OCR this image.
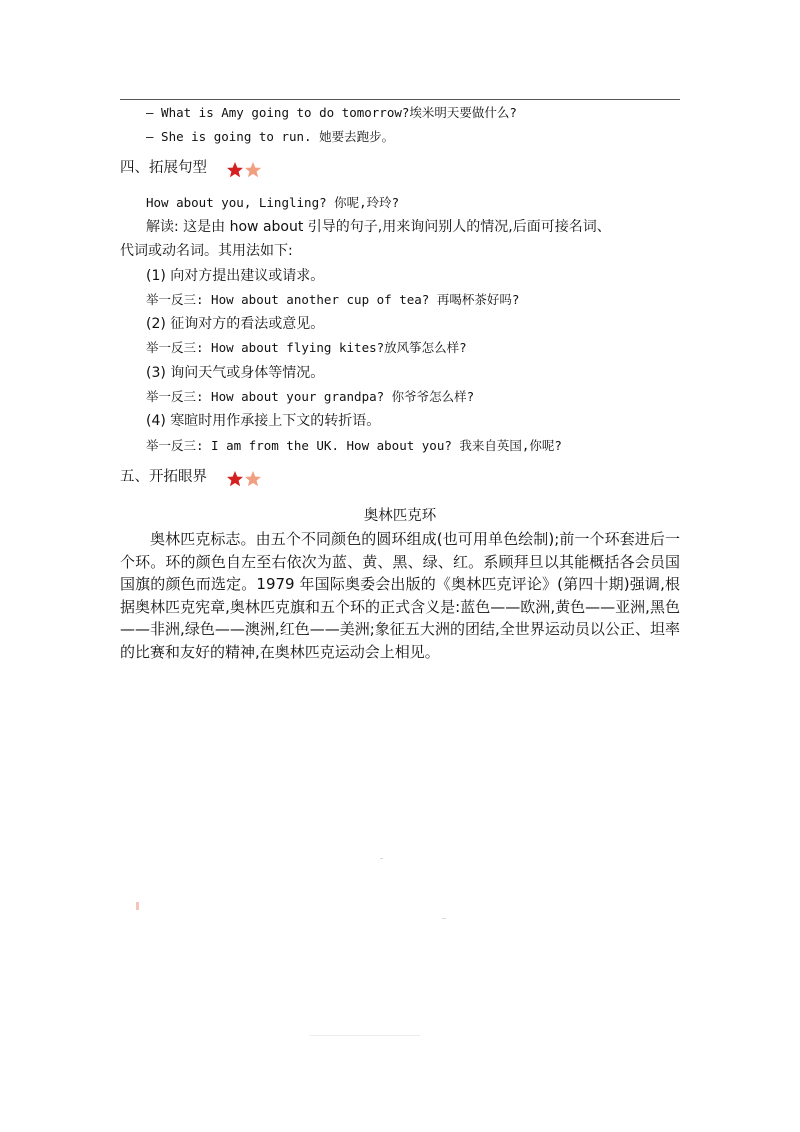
— What is Amy going to do tomorrow?埃米明天要做什么?
— She is going to run. 她要去跑步。
四、拓展句型
How about you, Lingling? 你呢,玲玲?
解读: 这是由 how about 引导的句子,用来询问别人的情况,后面可接名词、
代词或动名词。其用法如下:
(1) 向对方提出建议或请求。
举一反三: How about another cup of tea? 再喝杯茶好吗?
(2) 征询对方的看法或意见。
举一反三: How about flying kites?放风筝怎么样?
(3) 询问天气或身体等情况。
举一反三: How about your grandpa? 你爷爷怎么样?
(4) 寒暄时用作承接上下文的转折语。
举一反三: I am from the UK. How about you? 我来自英国,你呢?
五、开拓眼界
奥林匹克环
奥林匹克标志。由五个不同颜色的圆环组成(也可用单色绘制);前一个环套进后一个环。环的颜色自左至右依次为蓝、黄、黑、绿、红。系顾拜旦以其能概括各会员国国旗的颜色而选定。1979 年国际奥委会出版的《奥林匹克评论》(第四十期)强调,根据奥林匹克宪章,奥林匹克旗和五个环的正式含义是:蓝色——欧洲,黄色——亚洲,黑色——非洲,绿色——澳洲,红色——美洲;象征五大洲的团结,全世界运动员以公正、坦率的比赛和友好的精神,在奥林匹克运动会上相见。
